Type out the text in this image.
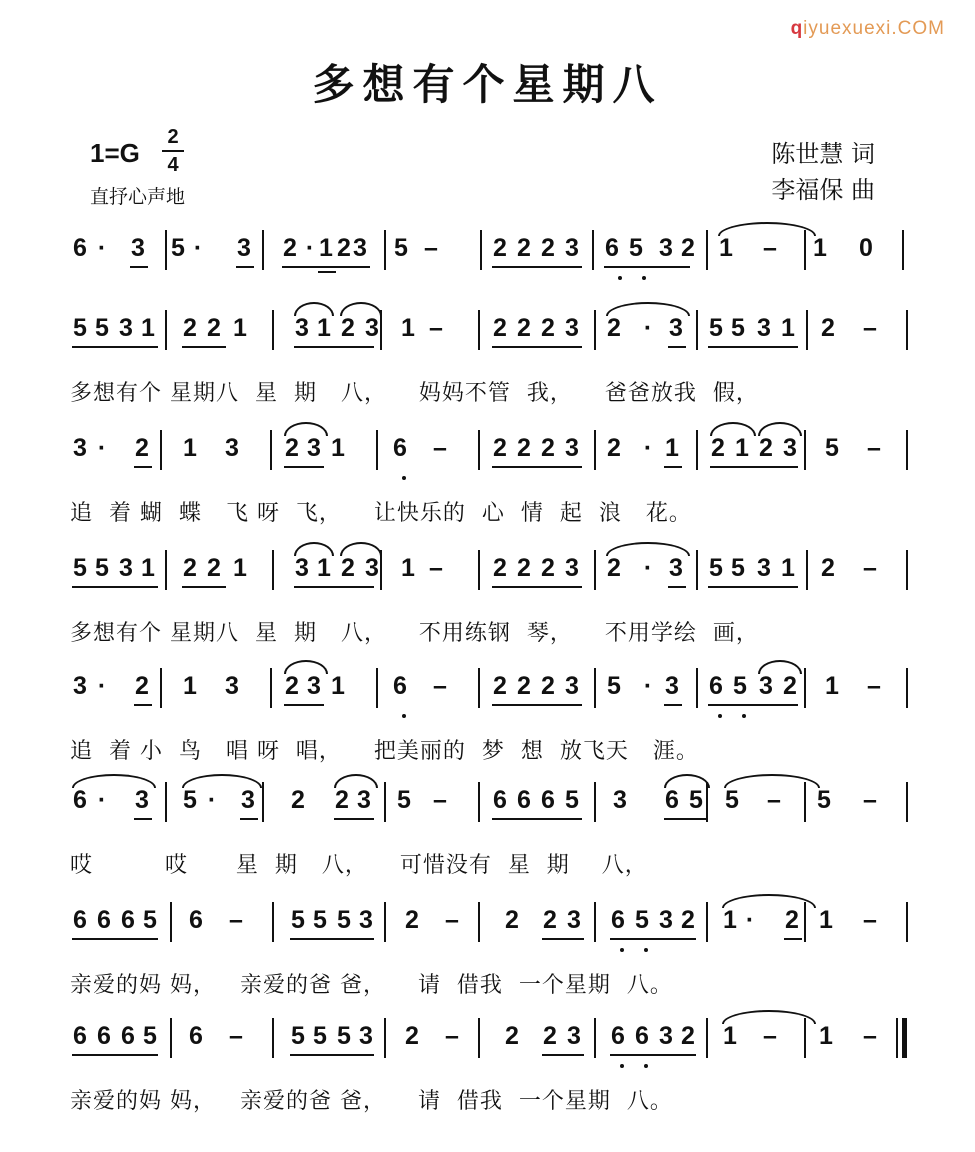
qiyuexuexi.COM
多想有个星期八
1=G
2
4
直抒心声地
陈世慧 词
李福保 曲
6 · 3 5 · 3 2 · 1 2 3 5 – 2 2 2 3 6 5 3 2 1 – 1 0
5 5 3 1 2 2 1 3 1 2 3 1 – 2 2 2 3 2 · 3 5 5 3 1 2 –
多想有个 星期八  星  期   八，    妈妈不管  我，    爸爸放我  假，
3 · 2 1 3 2 3 1 6 – 2 2 2 3 2 · 1 2 1 2 3 5 –
追  着 蝴  蝶   飞 呀  飞，    让快乐的  心  情  起  浪   花。
5 5 3 1 2 2 1 3 1 2 3 1 – 2 2 2 3 2 · 3 5 5 3 1 2 –
多想有个 星期八  星  期   八，    不用练钢  琴，    不用学绘  画，
3 · 2 1 3 2 3 1 6 – 2 2 2 3 5 · 3 6 5 3 2 1 –
追  着 小  鸟   唱 呀  唱，    把美丽的  梦  想  放飞天   涯。
6 · 3 5 · 3 2 2 3 5 – 6 6 6 5 3 6 5 5 – 5 –
哎         哎      星  期   八，    可惜没有  星  期    八，
6 6 6 5 6 – 5 5 5 3 2 – 2 2 3 6 5 3 2 1 · 2 1 –
亲爱的妈 妈，   亲爱的爸 爸，    请  借我  一个星期  八。
6 6 6 5 6 – 5 5 5 3 2 – 2 2 3 6 6 3 2 1 – 1 –
亲爱的妈 妈，   亲爱的爸 爸，    请  借我  一个星期  八。
